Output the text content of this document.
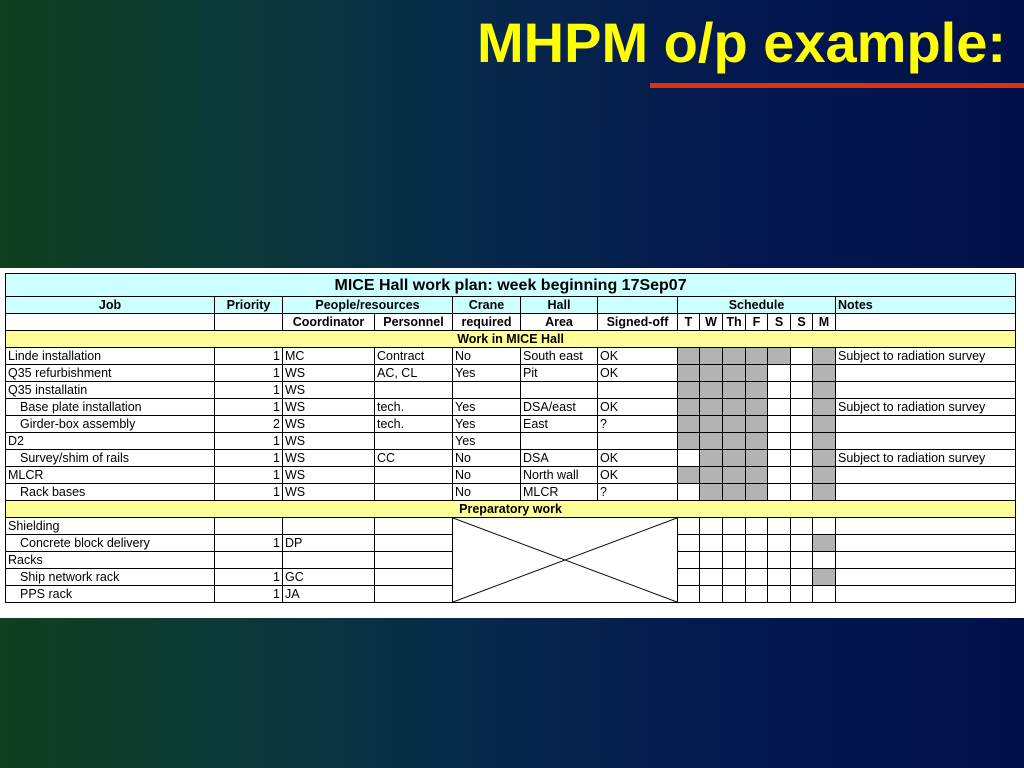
MHPM o/p example:
MICE Hall work plan: week beginning 17Sep07														
Job	Priority	People/resources		Crane	Hall		Schedule							Notes
		Coordinator	Personnel	required	Area	Signed-off	T	W	Th	F	S	S	M	
Work in MICE Hall														
Linde installation	1	MC	Contract	No	South east	OK								Subject to radiation survey
Q35 refurbishment	1	WS	AC, CL	Yes	Pit	OK								
Q35 installatin	1	WS												
Base plate installation	1	WS	tech.	Yes	DSA/east	OK								Subject to radiation survey
Girder-box assembly	2	WS	tech.	Yes	East	?								
D2	1	WS		Yes										
Survey/shim of rails	1	WS	CC	No	DSA	OK								Subject to radiation survey
MLCR	1	WS		No	North wall	OK								
Rack bases	1	WS		No	MLCR	?								
Preparatory work														
Shielding				

Concrete block delivery	1	DP												
Racks														
Ship network rack	1	GC												
PPS rack	1	JA												
